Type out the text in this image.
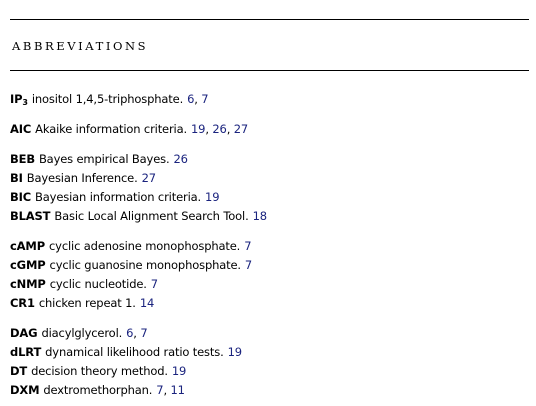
ABBREVIATIONS
$IP_3$ inositol 1,4,5-triphosphate. 6, 7
AIC Akaike information criteria. 19, 26, 27
BEB Bayes empirical Bayes. 26
BI Bayesian Inference. 27
BIC Bayesian information criteria. 19
BLAST Basic Local Alignment Search Tool. 18
cAMP cyclic adenosine monophosphate. 7
cGMP cyclic guanosine monophosphate. 7
cNMP cyclic nucleotide. 7
CR1 chicken repeat 1. 14
DAG diacylglycerol. 6, 7
dLRT dynamical likelihood ratio tests. 19
DT decision theory method. 19
DXM dextromethorphan. 7, 11
